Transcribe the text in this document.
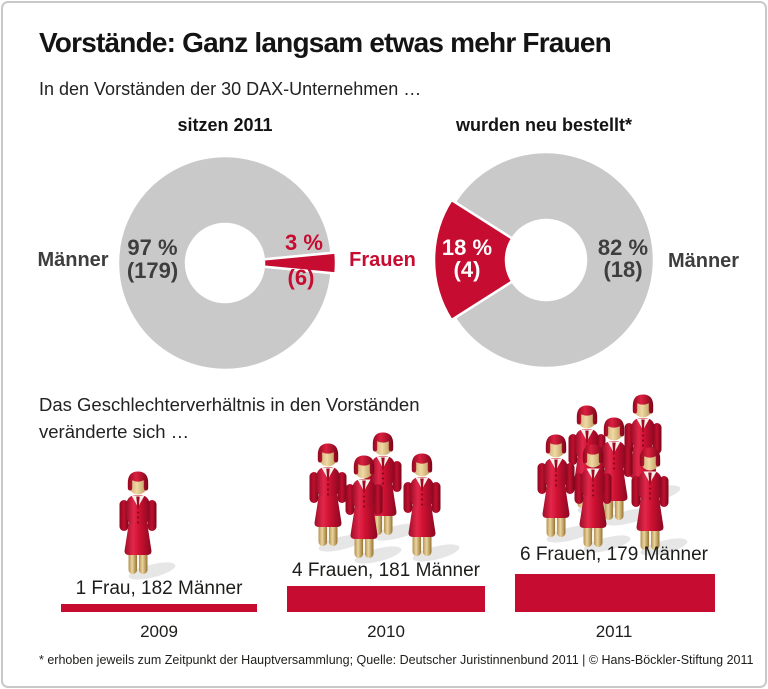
Vorstände: Ganz langsam etwas mehr Frauen
In den Vorständen der 30 DAX-Unternehmen …
sitzen 2011	wurden neu bestellt*
Männer 97 %
(179)
3 %
(6)
Frauen	18 %
(4)
82 %
(18)	Männer
Das Geschlechterverhältnis in den Vorständen
veränderte sich …
1 Frau, 182 Männer
4 Frauen, 181 Männer
6 Frauen, 179 Männer
2009	2010	2011
* erhoben jeweils zum Zeitpunkt der Hauptversammlung; Quelle: Deutscher Juristinnenbund 2011 | © Hans-Böckler-Stiftung 2011
